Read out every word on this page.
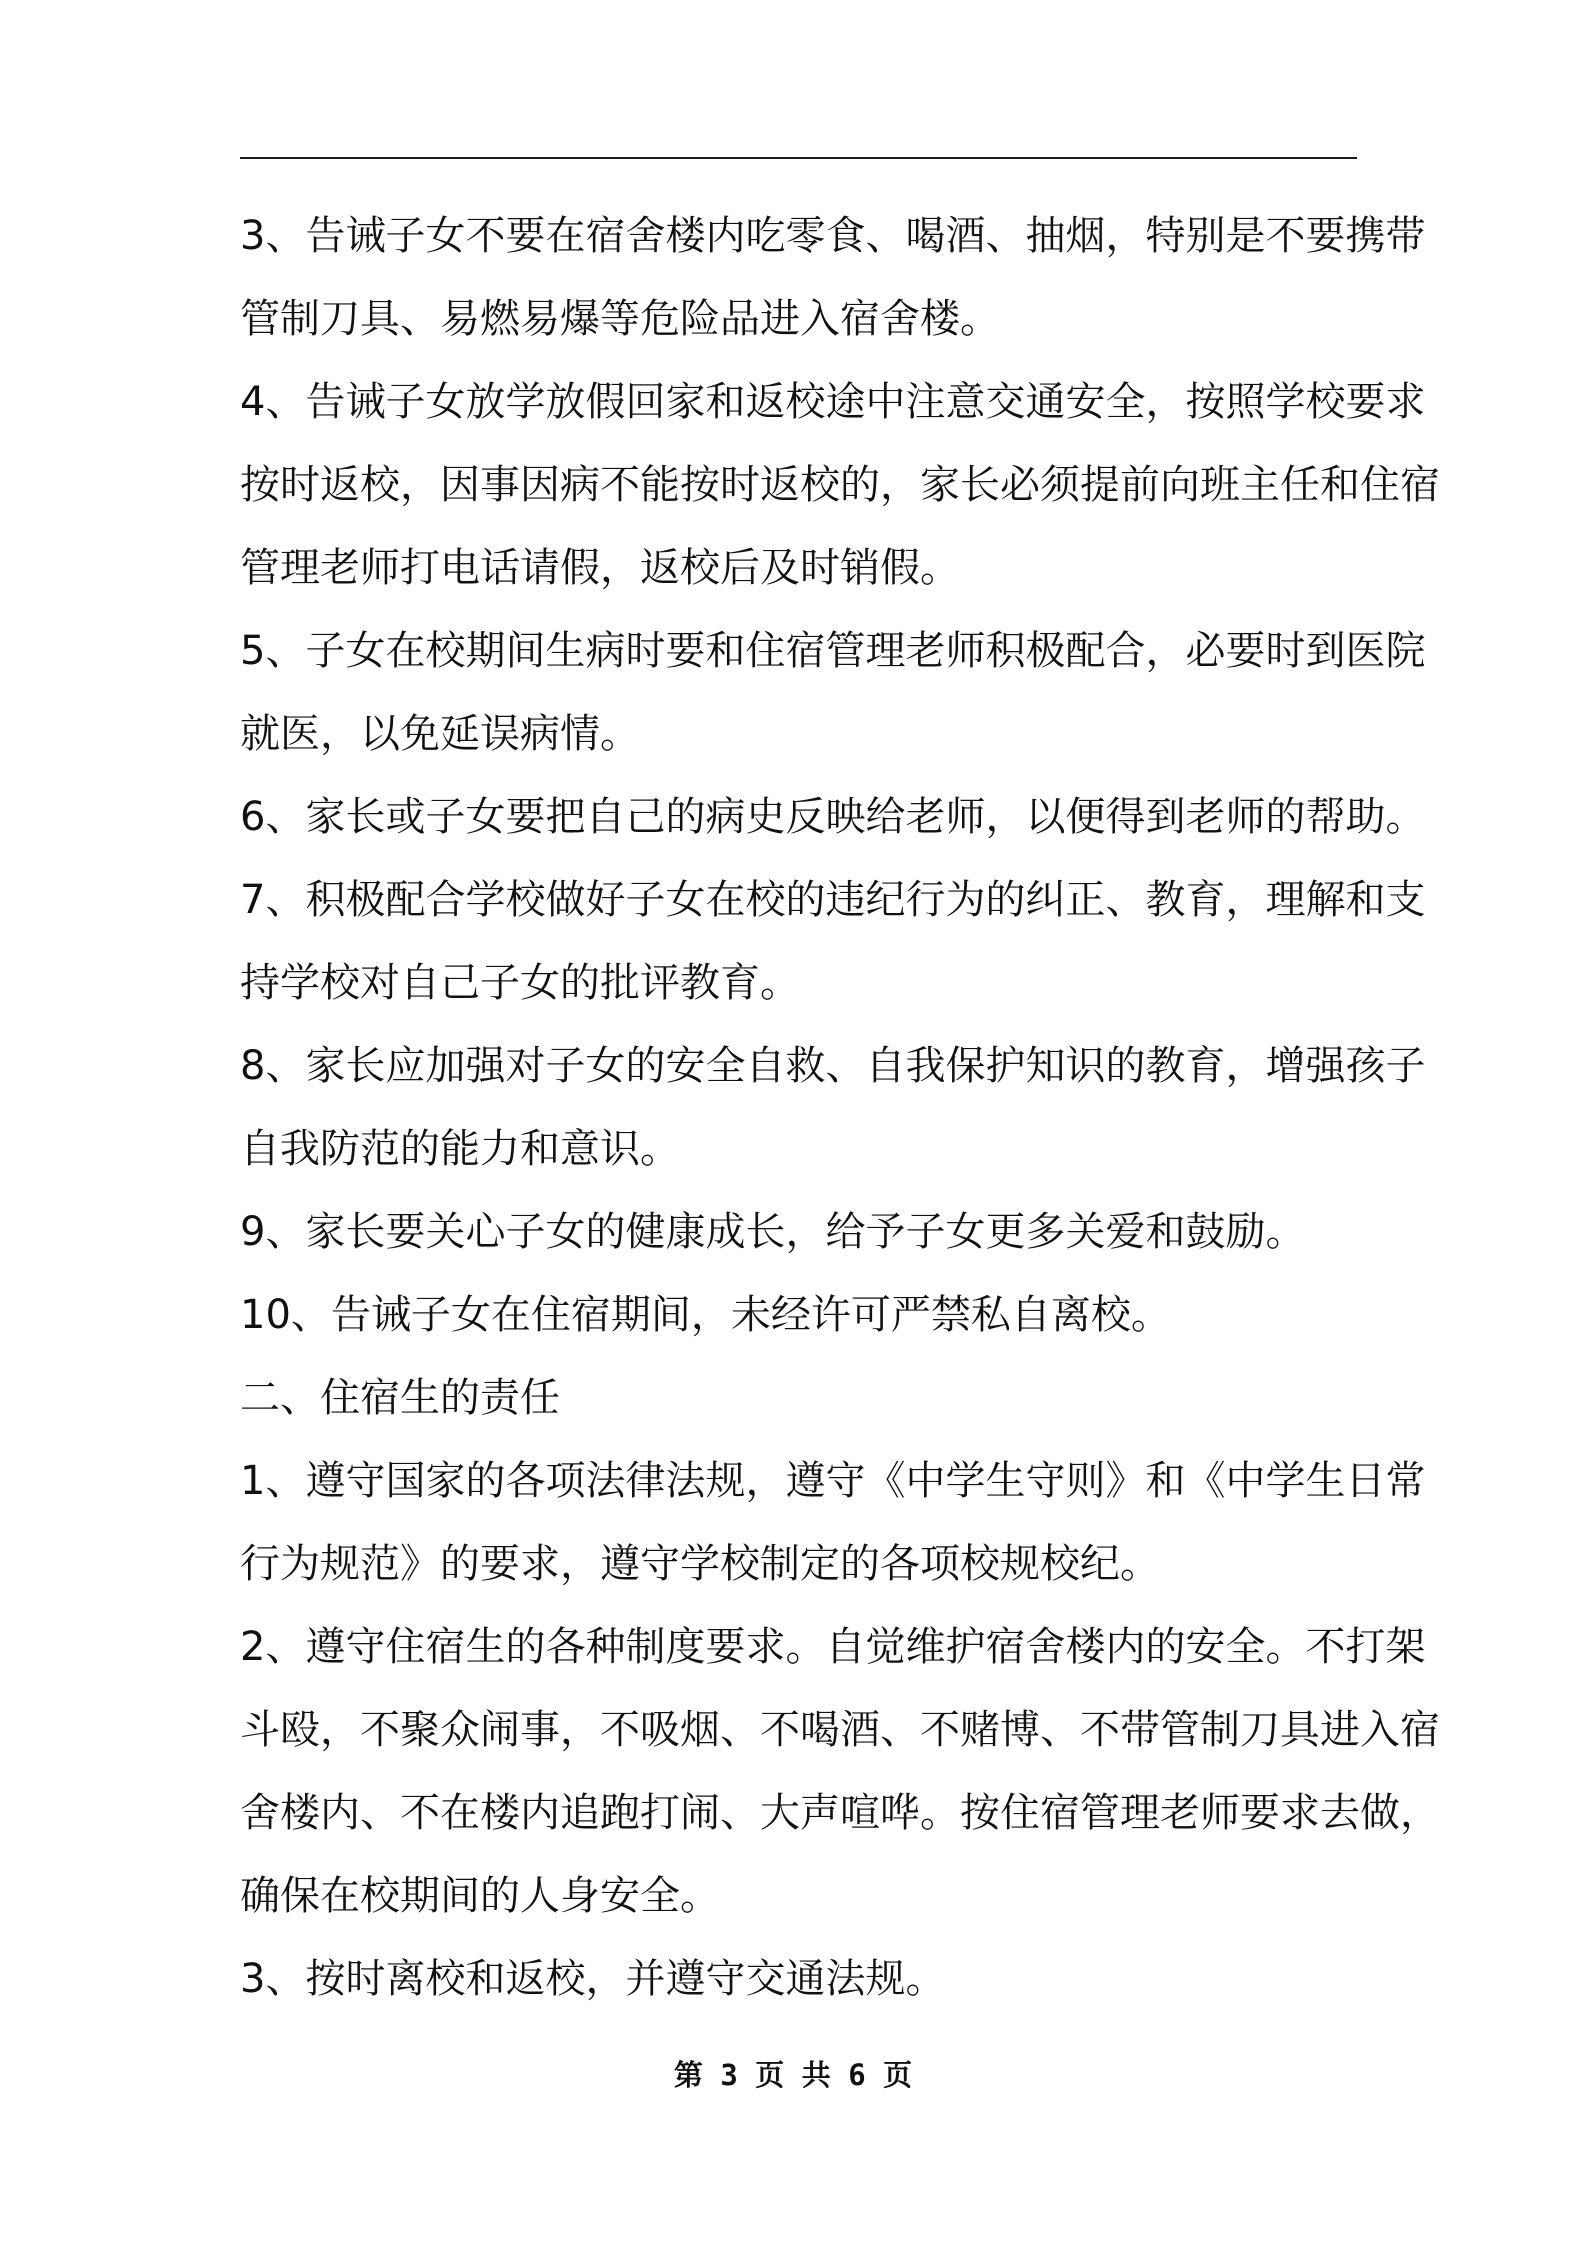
3、告诫子女不要在宿舍楼内吃零食、喝酒、抽烟，特别是不要携带
管制刀具、易燃易爆等危险品进入宿舍楼。
4、告诫子女放学放假回家和返校途中注意交通安全，按照学校要求
按时返校，因事因病不能按时返校的，家长必须提前向班主任和住宿
管理老师打电话请假，返校后及时销假。
5、子女在校期间生病时要和住宿管理老师积极配合，必要时到医院
就医，以免延误病情。
6、家长或子女要把自己的病史反映给老师，以便得到老师的帮助。
7、积极配合学校做好子女在校的违纪行为的纠正、教育，理解和支
持学校对自己子女的批评教育。
8、家长应加强对子女的安全自救、自我保护知识的教育，增强孩子
自我防范的能力和意识。
9、家长要关心子女的健康成长，给予子女更多关爱和鼓励。
10、告诫子女在住宿期间，未经许可严禁私自离校。
二、住宿生的责任
1、遵守国家的各项法律法规，遵守《中学生守则》和《中学生日常
行为规范》的要求，遵守学校制定的各项校规校纪。
2、遵守住宿生的各种制度要求。自觉维护宿舍楼内的安全。不打架
斗殴，不聚众闹事，不吸烟、不喝酒、不赌博、不带管制刀具进入宿
舍楼内、不在楼内追跑打闹、大声喧哗。按住宿管理老师要求去做，
确保在校期间的人身安全。
3、按时离校和返校，并遵守交通法规。
第 3 页 共 6 页
